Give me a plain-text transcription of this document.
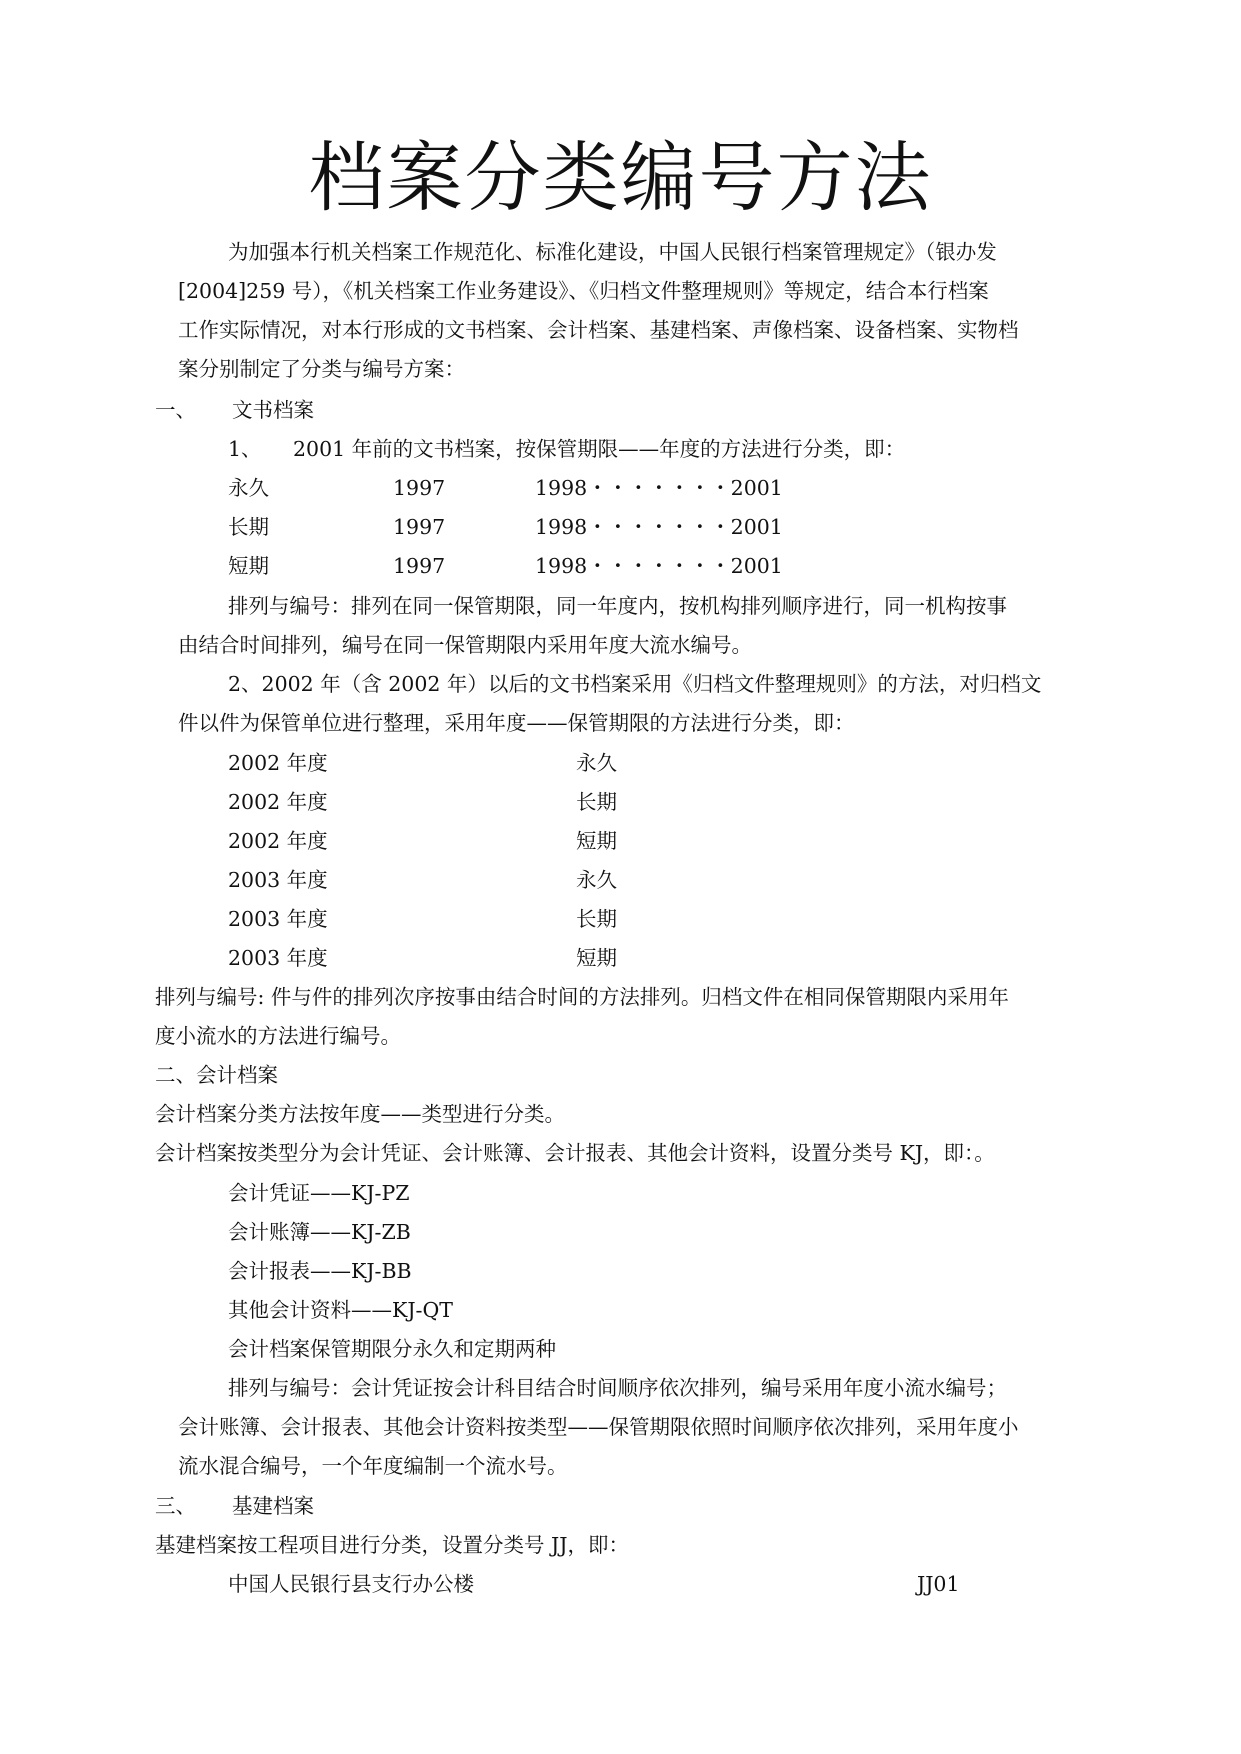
档案分类编号方法
为加强本行机关档案工作规范化、标准化建设，中国人民银行档案管理规定》（银办发
[2004]259 号），《机关档案工作业务建设》、《归档文件整理规则》等规定，结合本行档案
工作实际情况，对本行形成的文书档案、会计档案、基建档案、声像档案、设备档案、实物档
案分别制定了分类与编号方案：
一、 文书档案
1、 2001 年前的文书档案，按保管期限——年度的方法进行分类，即：
永久	1997	1998・・・・・・・2001
长期	1997	1998・・・・・・・2001
短期	1997	1998・・・・・・・2001
排列与编号：排列在同一保管期限，同一年度内，按机构排列顺序进行，同一机构按事
由结合时间排列，编号在同一保管期限内采用年度大流水编号。
2、2002 年（含 2002 年）以后的文书档案采用《归档文件整理规则》的方法，对归档文
件以件为保管单位进行整理，采用年度——保管期限的方法进行分类，即：
2002 年度	永久
2002 年度	长期
2002 年度	短期
2003 年度	永久
2003 年度	长期
2003 年度	短期
排列与编号: 件与件的排列次序按事由结合时间的方法排列。归档文件在相同保管期限内采用年
度小流水的方法进行编号。
二、会计档案
会计档案分类方法按年度——类型进行分类。
会计档案按类型分为会计凭证、会计账簿、会计报表、其他会计资料，设置分类号 KJ，即：。
会计凭证——KJ-PZ
会计账簿——KJ-ZB
会计报表——KJ-BB
其他会计资料——KJ-QT
会计档案保管期限分永久和定期两种
排列与编号：会计凭证按会计科目结合时间顺序依次排列，编号采用年度小流水编号；
会计账簿、会计报表、其他会计资料按类型——保管期限依照时间顺序依次排列，采用年度小
流水混合编号，一个年度编制一个流水号。
三、 基建档案
基建档案按工程项目进行分类，设置分类号 JJ，即：
中国人民银行县支行办公楼	JJ01
